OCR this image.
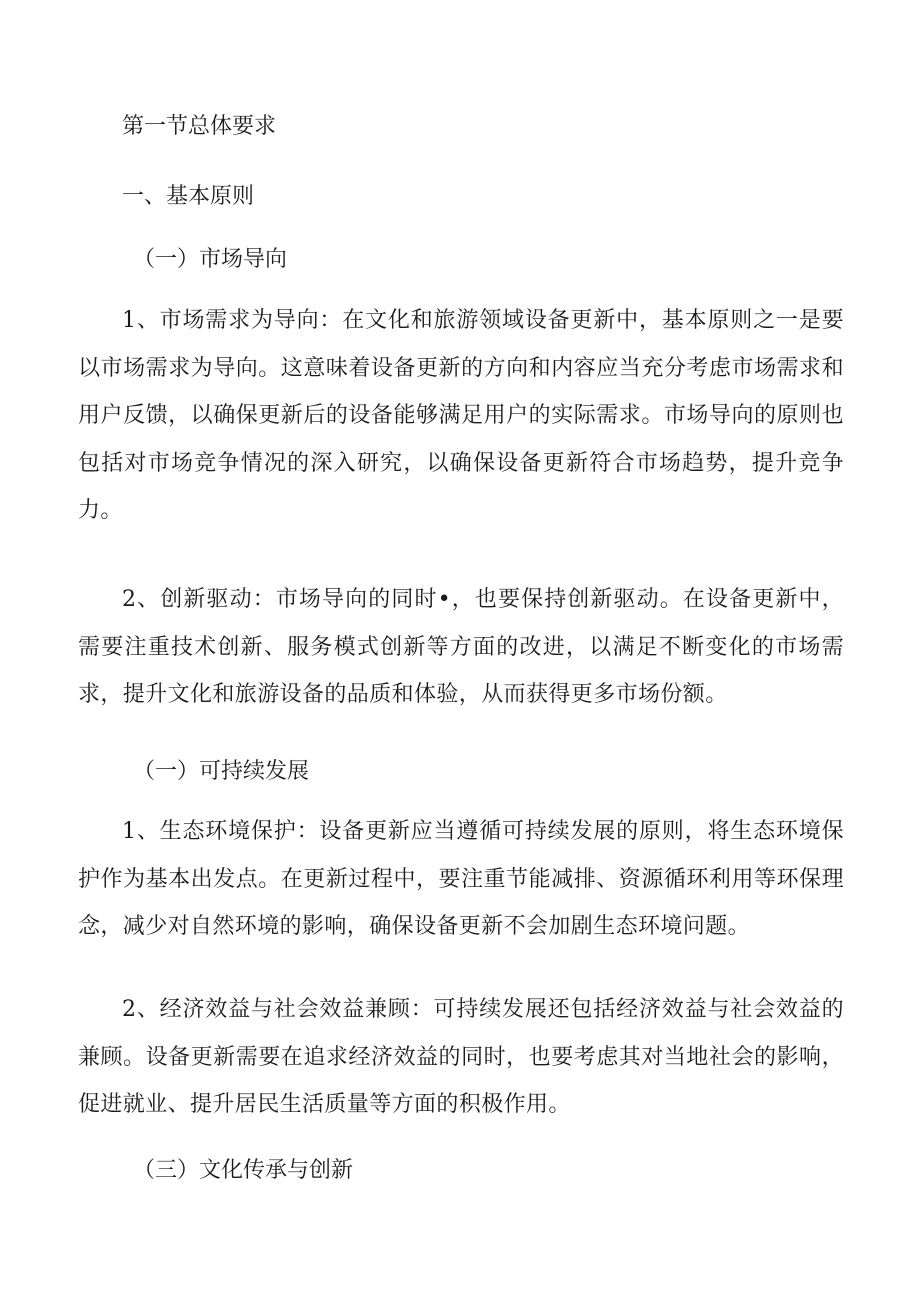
第一节总体要求
一、基本原则
（一）市场导向

1、市场需求为导向：在文化和旅游领域设备更新中，基本原则之一是要以市场需求为导向。这意味着设备更新的方向和内容应当充分考虑市场需求和用户反馈，以确保更新后的设备能够满足用户的实际需求。市场导向的原则也包括对市场竞争情况的深入研究，以确保设备更新符合市场趋势，提升竞争力。

2、创新驱动：市场导向的同时•，也要保持创新驱动。在设备更新中，需要注重技术创新、服务模式创新等方面的改进，以满足不断变化的市场需求，提升文化和旅游设备的品质和体验，从而获得更多市场份额。

（一）可持续发展

1、生态环境保护：设备更新应当遵循可持续发展的原则，将生态环境保护作为基本出发点。在更新过程中，要注重节能减排、资源循环利用等环保理念，减少对自然环境的影响，确保设备更新不会加剧生态环境问题。

2、经济效益与社会效益兼顾：可持续发展还包括经济效益与社会效益的兼顾。设备更新需要在追求经济效益的同时，也要考虑其对当地社会的影响，促进就业、提升居民生活质量等方面的积极作用。

（三）文化传承与创新
